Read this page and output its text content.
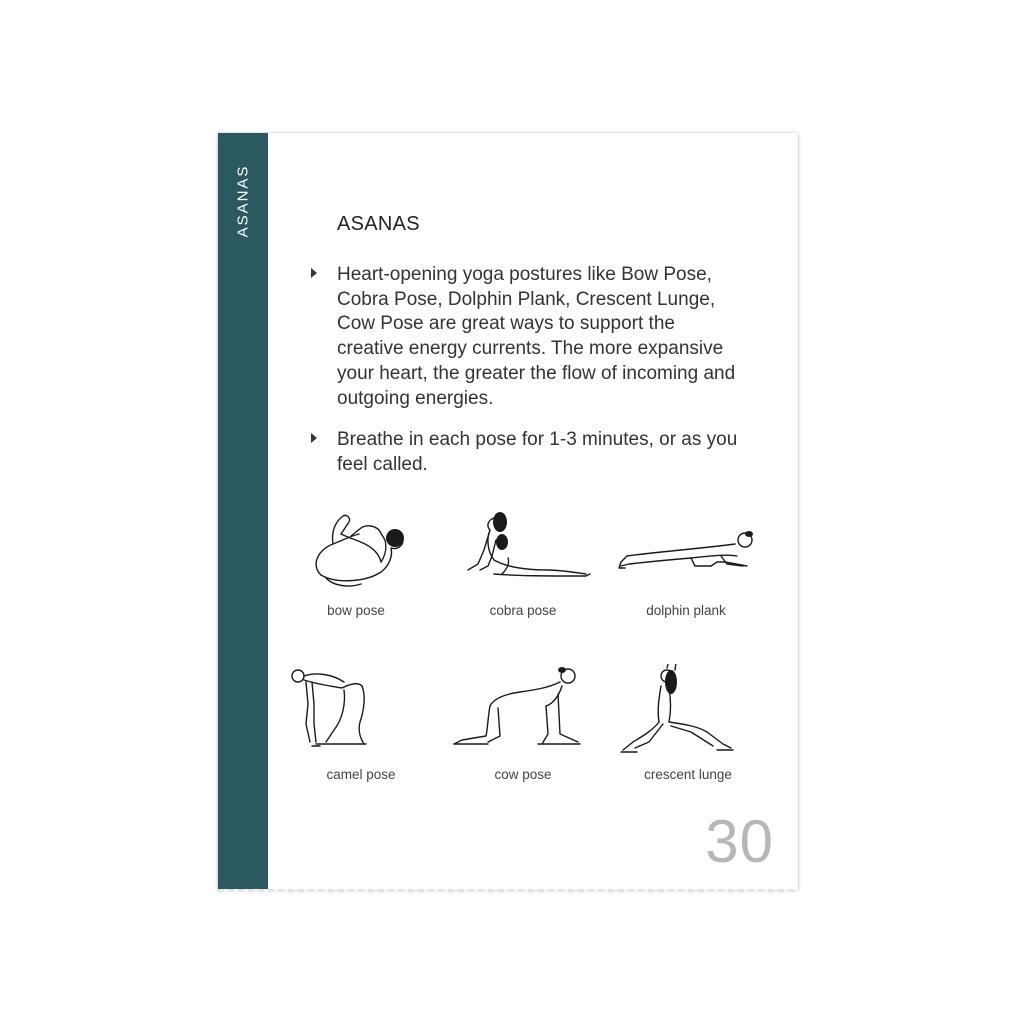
ASANAS	ASANAS
Heart-opening yoga postures like Bow Pose, Cobra Pose, Dolphin Plank, Crescent Lunge, Cow Pose are great ways to support the creative energy currents. The more expansive your heart, the greater the flow of incoming and outgoing energies.
Breathe in each pose for 1-3 minutes, or as you feel called.
bow pose	cobra pose	dolphin plank
camel pose	cow pose	crescent lunge
30
